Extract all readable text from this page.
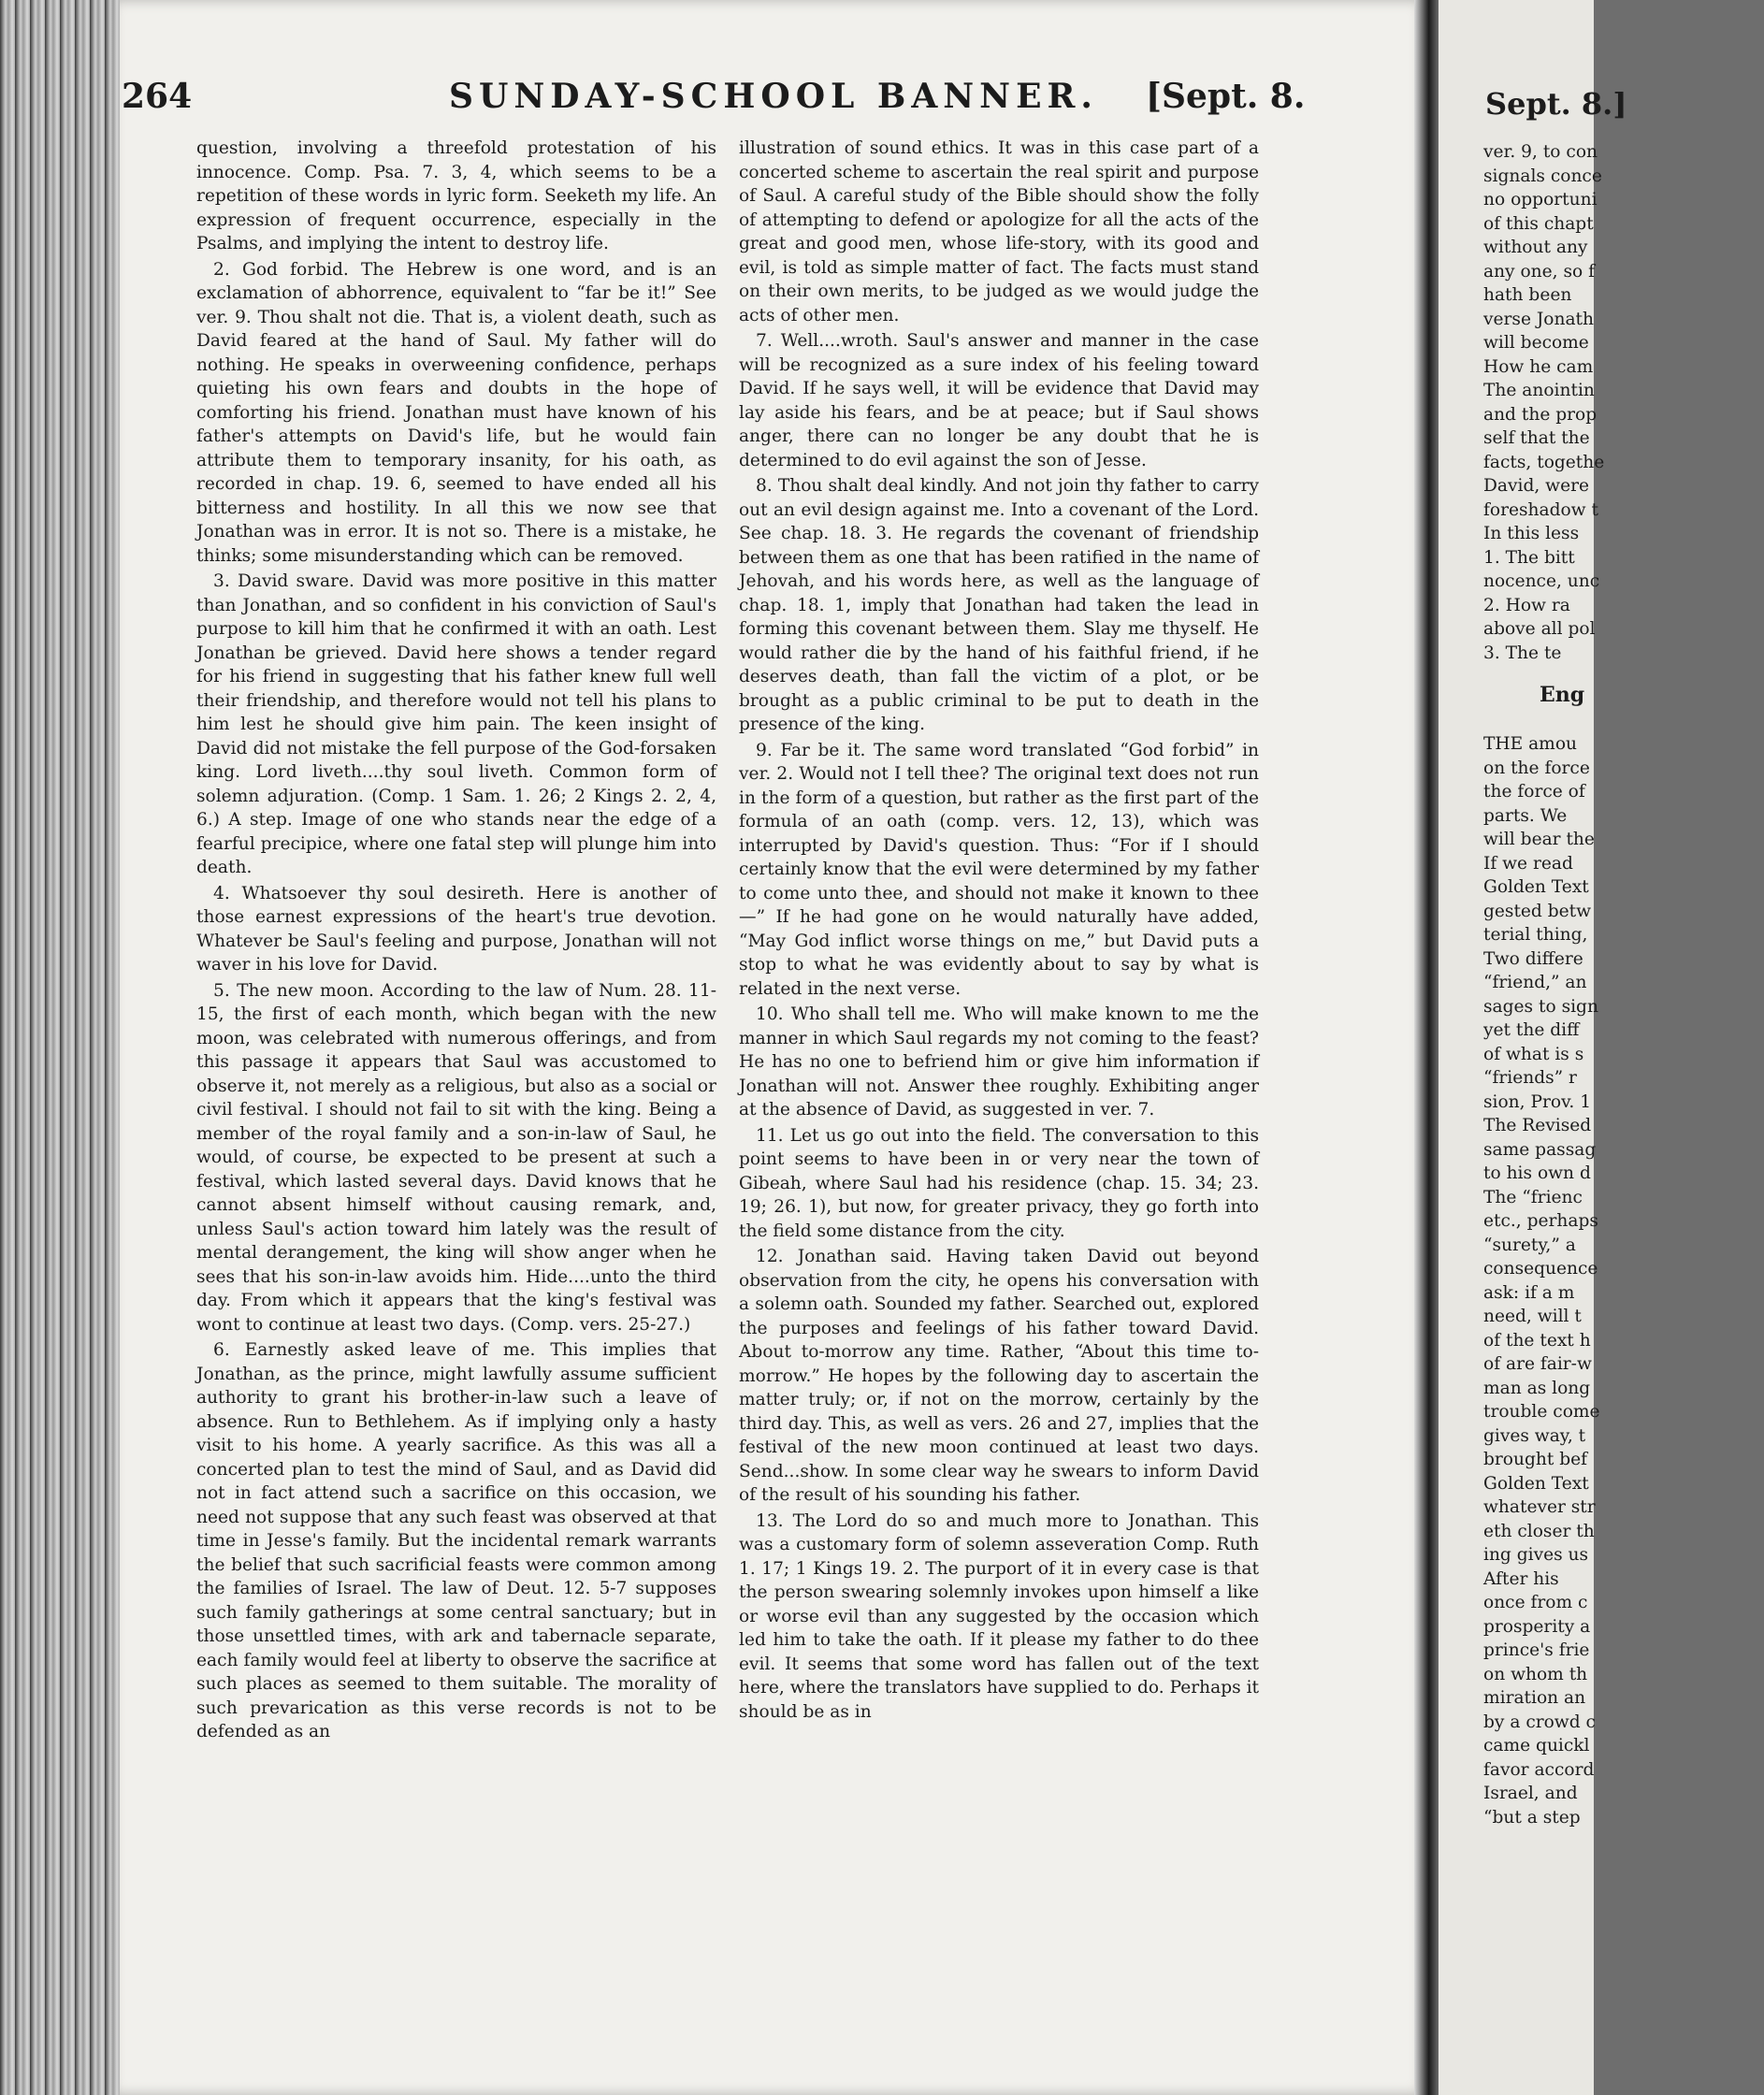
264	SUNDAY-SCHOOL BANNER. [Sept. 8.

question, involving a threefold protestation of his innocence. Comp. Psa. 7. 3, 4, which seems to be a repetition of these words in lyric form. Seeketh my life. An expression of frequent occurrence, especially in the Psalms, and implying the intent to destroy life.

2. God forbid. The Hebrew is one word, and is an exclamation of abhorrence, equivalent to “far be it!” See ver. 9. Thou shalt not die. That is, a violent death, such as David feared at the hand of Saul. My father will do nothing. He speaks in overweening confidence, perhaps quieting his own fears and doubts in the hope of comforting his friend. Jonathan must have known of his father's attempts on David's life, but he would fain attribute them to temporary insanity, for his oath, as recorded in chap. 19. 6, seemed to have ended all his bitterness and hostility. In all this we now see that Jonathan was in error. It is not so. There is a mistake, he thinks; some misunderstanding which can be removed.

3. David sware. David was more positive in this matter than Jonathan, and so confident in his conviction of Saul's purpose to kill him that he confirmed it with an oath. Lest Jonathan be grieved. David here shows a tender regard for his friend in suggesting that his father knew full well their friendship, and therefore would not tell his plans to him lest he should give him pain. The keen insight of David did not mistake the fell purpose of the God-forsaken king. Lord liveth....thy soul liveth. Common form of solemn adjuration. (Comp. 1 Sam. 1. 26; 2 Kings 2. 2, 4, 6.) A step. Image of one who stands near the edge of a fearful precipice, where one fatal step will plunge him into death.

4. Whatsoever thy soul desireth. Here is another of those earnest expressions of the heart's true devotion. Whatever be Saul's feeling and purpose, Jonathan will not waver in his love for David.

5. The new moon. According to the law of Num. 28. 11-15, the first of each month, which began with the new moon, was celebrated with numerous offerings, and from this passage it appears that Saul was accustomed to observe it, not merely as a religious, but also as a social or civil festival. I should not fail to sit with the king. Being a member of the royal family and a son-in-law of Saul, he would, of course, be expected to be present at such a festival, which lasted several days. David knows that he cannot absent himself without causing remark, and, unless Saul's action toward him lately was the result of mental derangement, the king will show anger when he sees that his son-in-law avoids him. Hide....unto the third day. From which it appears that the king's festival was wont to continue at least two days. (Comp. vers. 25-27.)

6. Earnestly asked leave of me. This implies that Jonathan, as the prince, might lawfully assume sufficient authority to grant his brother-in-law such a leave of absence. Run to Bethlehem. As if implying only a hasty visit to his home. A yearly sacrifice. As this was all a concerted plan to test the mind of Saul, and as David did not in fact attend such a sacrifice on this occasion, we need not suppose that any such feast was observed at that time in Jesse's family. But the incidental remark warrants the belief that such sacrificial feasts were common among the families of Israel. The law of Deut. 12. 5-7 supposes such family gatherings at some central sanctuary; but in those unsettled times, with ark and tabernacle separate, each family would feel at liberty to observe the sacrifice at such places as seemed to them suitable. The morality of such prevarication as this verse records is not to be defended as an

illustration of sound ethics. It was in this case part of a concerted scheme to ascertain the real spirit and purpose of Saul. A careful study of the Bible should show the folly of attempting to defend or apologize for all the acts of the great and good men, whose life-story, with its good and evil, is told as simple matter of fact. The facts must stand on their own merits, to be judged as we would judge the acts of other men.

7. Well....wroth. Saul's answer and manner in the case will be recognized as a sure index of his feeling toward David. If he says well, it will be evidence that David may lay aside his fears, and be at peace; but if Saul shows anger, there can no longer be any doubt that he is determined to do evil against the son of Jesse.

8. Thou shalt deal kindly. And not join thy father to carry out an evil design against me. Into a covenant of the Lord. See chap. 18. 3. He regards the covenant of friendship between them as one that has been ratified in the name of Jehovah, and his words here, as well as the language of chap. 18. 1, imply that Jonathan had taken the lead in forming this covenant between them. Slay me thyself. He would rather die by the hand of his faithful friend, if he deserves death, than fall the victim of a plot, or be brought as a public criminal to be put to death in the presence of the king.

9. Far be it. The same word translated “God forbid” in ver. 2. Would not I tell thee? The original text does not run in the form of a question, but rather as the first part of the formula of an oath (comp. vers. 12, 13), which was interrupted by David's question. Thus: “For if I should certainly know that the evil were determined by my father to come unto thee, and should not make it known to thee—” If he had gone on he would naturally have added, “May God inflict worse things on me,” but David puts a stop to what he was evidently about to say by what is related in the next verse.

10. Who shall tell me. Who will make known to me the manner in which Saul regards my not coming to the feast? He has no one to befriend him or give him information if Jonathan will not. Answer thee roughly. Exhibiting anger at the absence of David, as suggested in ver. 7.

11. Let us go out into the field. The conversation to this point seems to have been in or very near the town of Gibeah, where Saul had his residence (chap. 15. 34; 23. 19; 26. 1), but now, for greater privacy, they go forth into the field some distance from the city.

12. Jonathan said. Having taken David out beyond observation from the city, he opens his conversation with a solemn oath. Sounded my father. Searched out, explored the purposes and feelings of his father toward David. About to-morrow any time. Rather, “About this time to-morrow.” He hopes by the following day to ascertain the matter truly; or, if not on the morrow, certainly by the third day. This, as well as vers. 26 and 27, implies that the festival of the new moon continued at least two days. Send...show. In some clear way he swears to inform David of the result of his sounding his father.

13. The Lord do so and much more to Jonathan. This was a customary form of solemn asseveration Comp. Ruth 1. 17; 1 Kings 19. 2. The purport of it in every case is that the person swearing solemnly invokes upon himself a like or worse evil than any suggested by the occasion which led him to take the oath. If it please my father to do thee evil. It seems that some word has fallen out of the text here, where the translators have supplied to do. Perhaps it should be as in

Sept. 8.]
ver. 9, to con
signals conce
no opportuni
of this chapt
without any
any one, so f
hath been
verse Jonath
will become
How he cam
The anointin
and the prop
self that the
facts, togethe
David, were
foreshadow t
In this less
1. The bitt
nocence, unc
2. How ra
above all pol
3. The te
Eng
THE amou
on the force
the force of
parts. We
will bear the
If we read
Golden Text
gested betw
terial thing,
Two differe
“friend,” an
sages to sign
yet the diff
of what is s
“friends” r
sion, Prov. 1
The Revised
same passag
to his own d
The “frienc
etc., perhaps
“surety,” a
consequence
ask: if a m
need, will t
of the text h
of are fair-w
man as long
trouble come
gives way, t
brought bef
Golden Text
whatever str
eth closer th
ing gives us
After his
once from c
prosperity a
prince's frie
on whom th
miration an
by a crowd c
came quickl
favor accord
Israel, and
“but a step
